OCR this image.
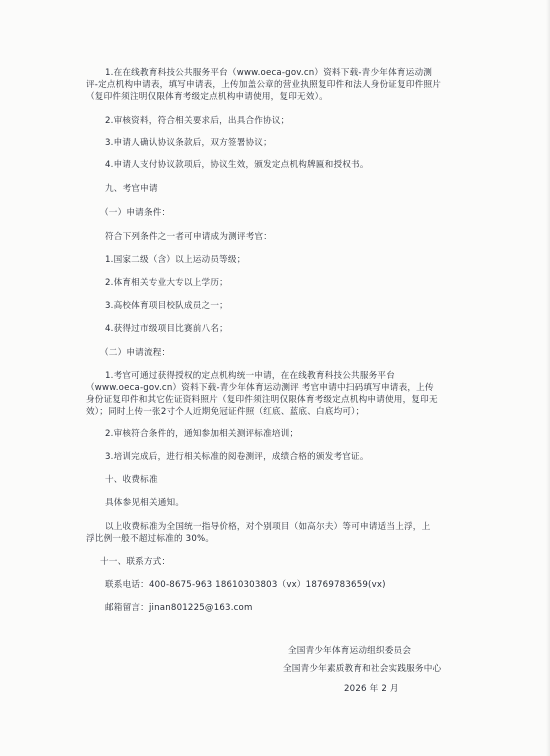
1.在在线教育科技公共服务平台（www.oeca-gov.cn）资料下载-青少年体育运动测
评-定点机构申请表，填写申请表，上传加盖公章的营业执照复印件和法人身份证复印件照片
（复印件须注明仅限体育考级定点机构申请使用，复印无效）。
2.审核资料，符合相关要求后，出具合作协议；
3.申请人确认协议条款后，双方签署协议；
4.申请人支付协议款项后，协议生效，颁发定点机构牌匾和授权书。
九、考官申请
（一）申请条件：
符合下列条件之一者可申请成为测评考官：
1.国家二级（含）以上运动员等级；
2.体育相关专业大专以上学历；
3.高校体育项目校队成员之一；
4.获得过市级项目比赛前八名；
（二）申请流程：
1.考官可通过获得授权的定点机构统一申请，在在线教育科技公共服务平台
（www.oeca-gov.cn）资料下载-青少年体育运动测评 考官申请中扫码填写申请表，上传
身份证复印件和其它佐证资料照片（复印件须注明仅限体育考级定点机构申请使用，复印无
效）；同时上传一张2寸个人近期免冠证件照（红底、蓝底、白底均可）；
2.审核符合条件的，通知参加相关测评标准培训；
3.培训完成后，进行相关标准的阅卷测评，成绩合格的颁发考官证。
十、收费标准
具体参见相关通知。
以上收费标准为全国统一指导价格，对个别项目（如高尔夫）等可申请适当上浮，上
浮比例一般不超过标准的 30%。
十一、联系方式：
联系电话：400-8675-963 18610303803（vx）18769783659(vx)
邮箱留言：jinan801225@163.com
全国青少年体育运动组织委员会
全国青少年素质教育和社会实践服务中心
2026 年 2 月
